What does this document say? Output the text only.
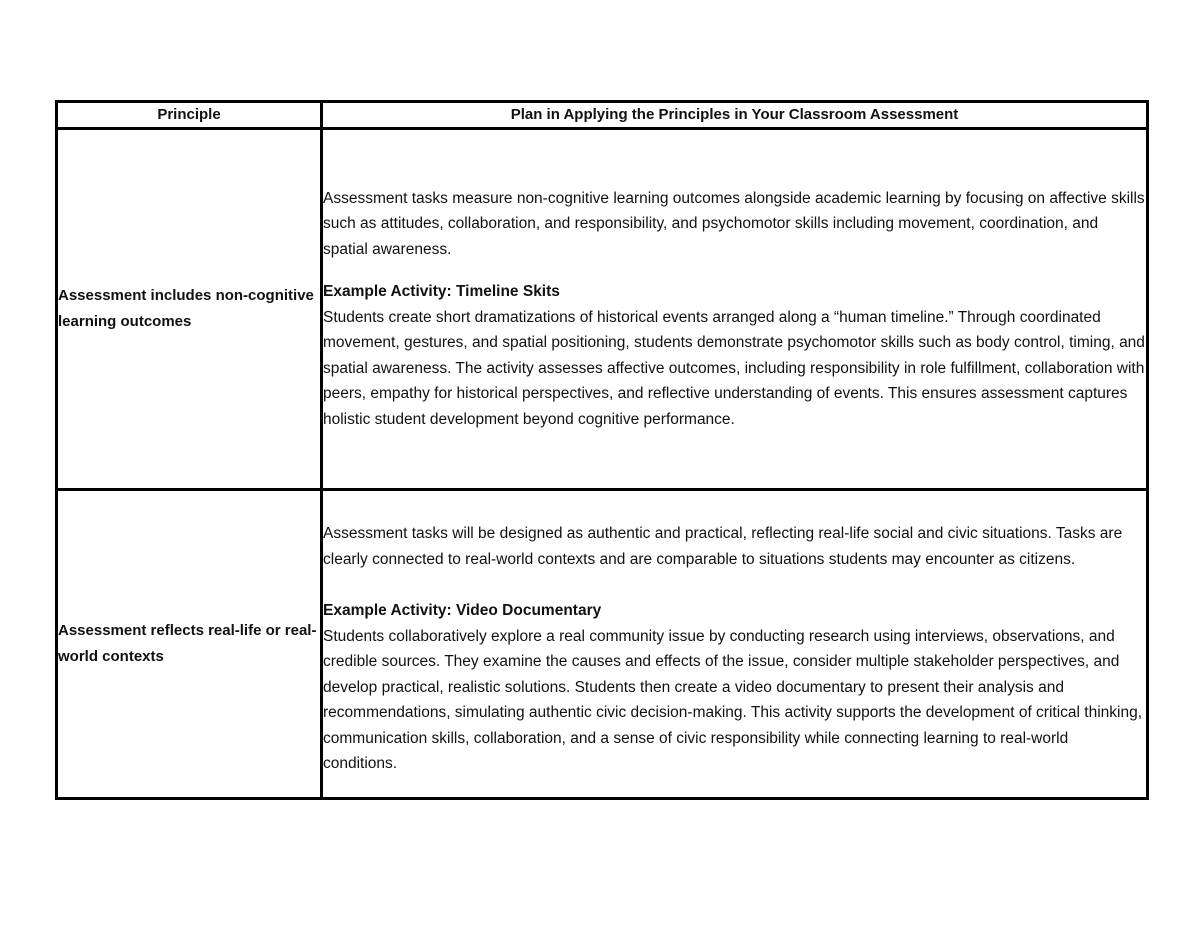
Principle	Plan in Applying the Principles in Your Classroom Assessment
Assessment includes non-cognitive learning outcomes	Assessment tasks measure non-cognitive learning outcomes alongside academic learning by focusing on affective skills such as attitudes, collaboration, and responsibility, and psychomotor skills including movement, coordination, and spatial awareness.

Example Activity: Timeline Skits

Students create short dramatizations of historical events arranged along a “human timeline.” Through coordinated movement, gestures, and spatial positioning, students demonstrate psychomotor skills such as body control, timing, and spatial awareness. The activity assesses affective outcomes, including responsibility in role fulfillment, collaboration with peers, empathy for historical perspectives, and reflective understanding of events. This ensures assessment captures holistic student development beyond cognitive performance.

Assessment reflects real-life or real-world contexts	Assessment tasks will be designed as authentic and practical, reflecting real-life social and civic situations. Tasks are clearly connected to real-world contexts and are comparable to situations students may encounter as citizens.

Example Activity: Video Documentary

Students collaboratively explore a real community issue by conducting research using interviews, observations, and credible sources. They examine the causes and effects of the issue, consider multiple stakeholder perspectives, and develop practical, realistic solutions. Students then create a video documentary to present their analysis and recommendations, simulating authentic civic decision-making. This activity supports the development of critical thinking, communication skills, collaboration, and a sense of civic responsibility while connecting learning to real-world conditions.
